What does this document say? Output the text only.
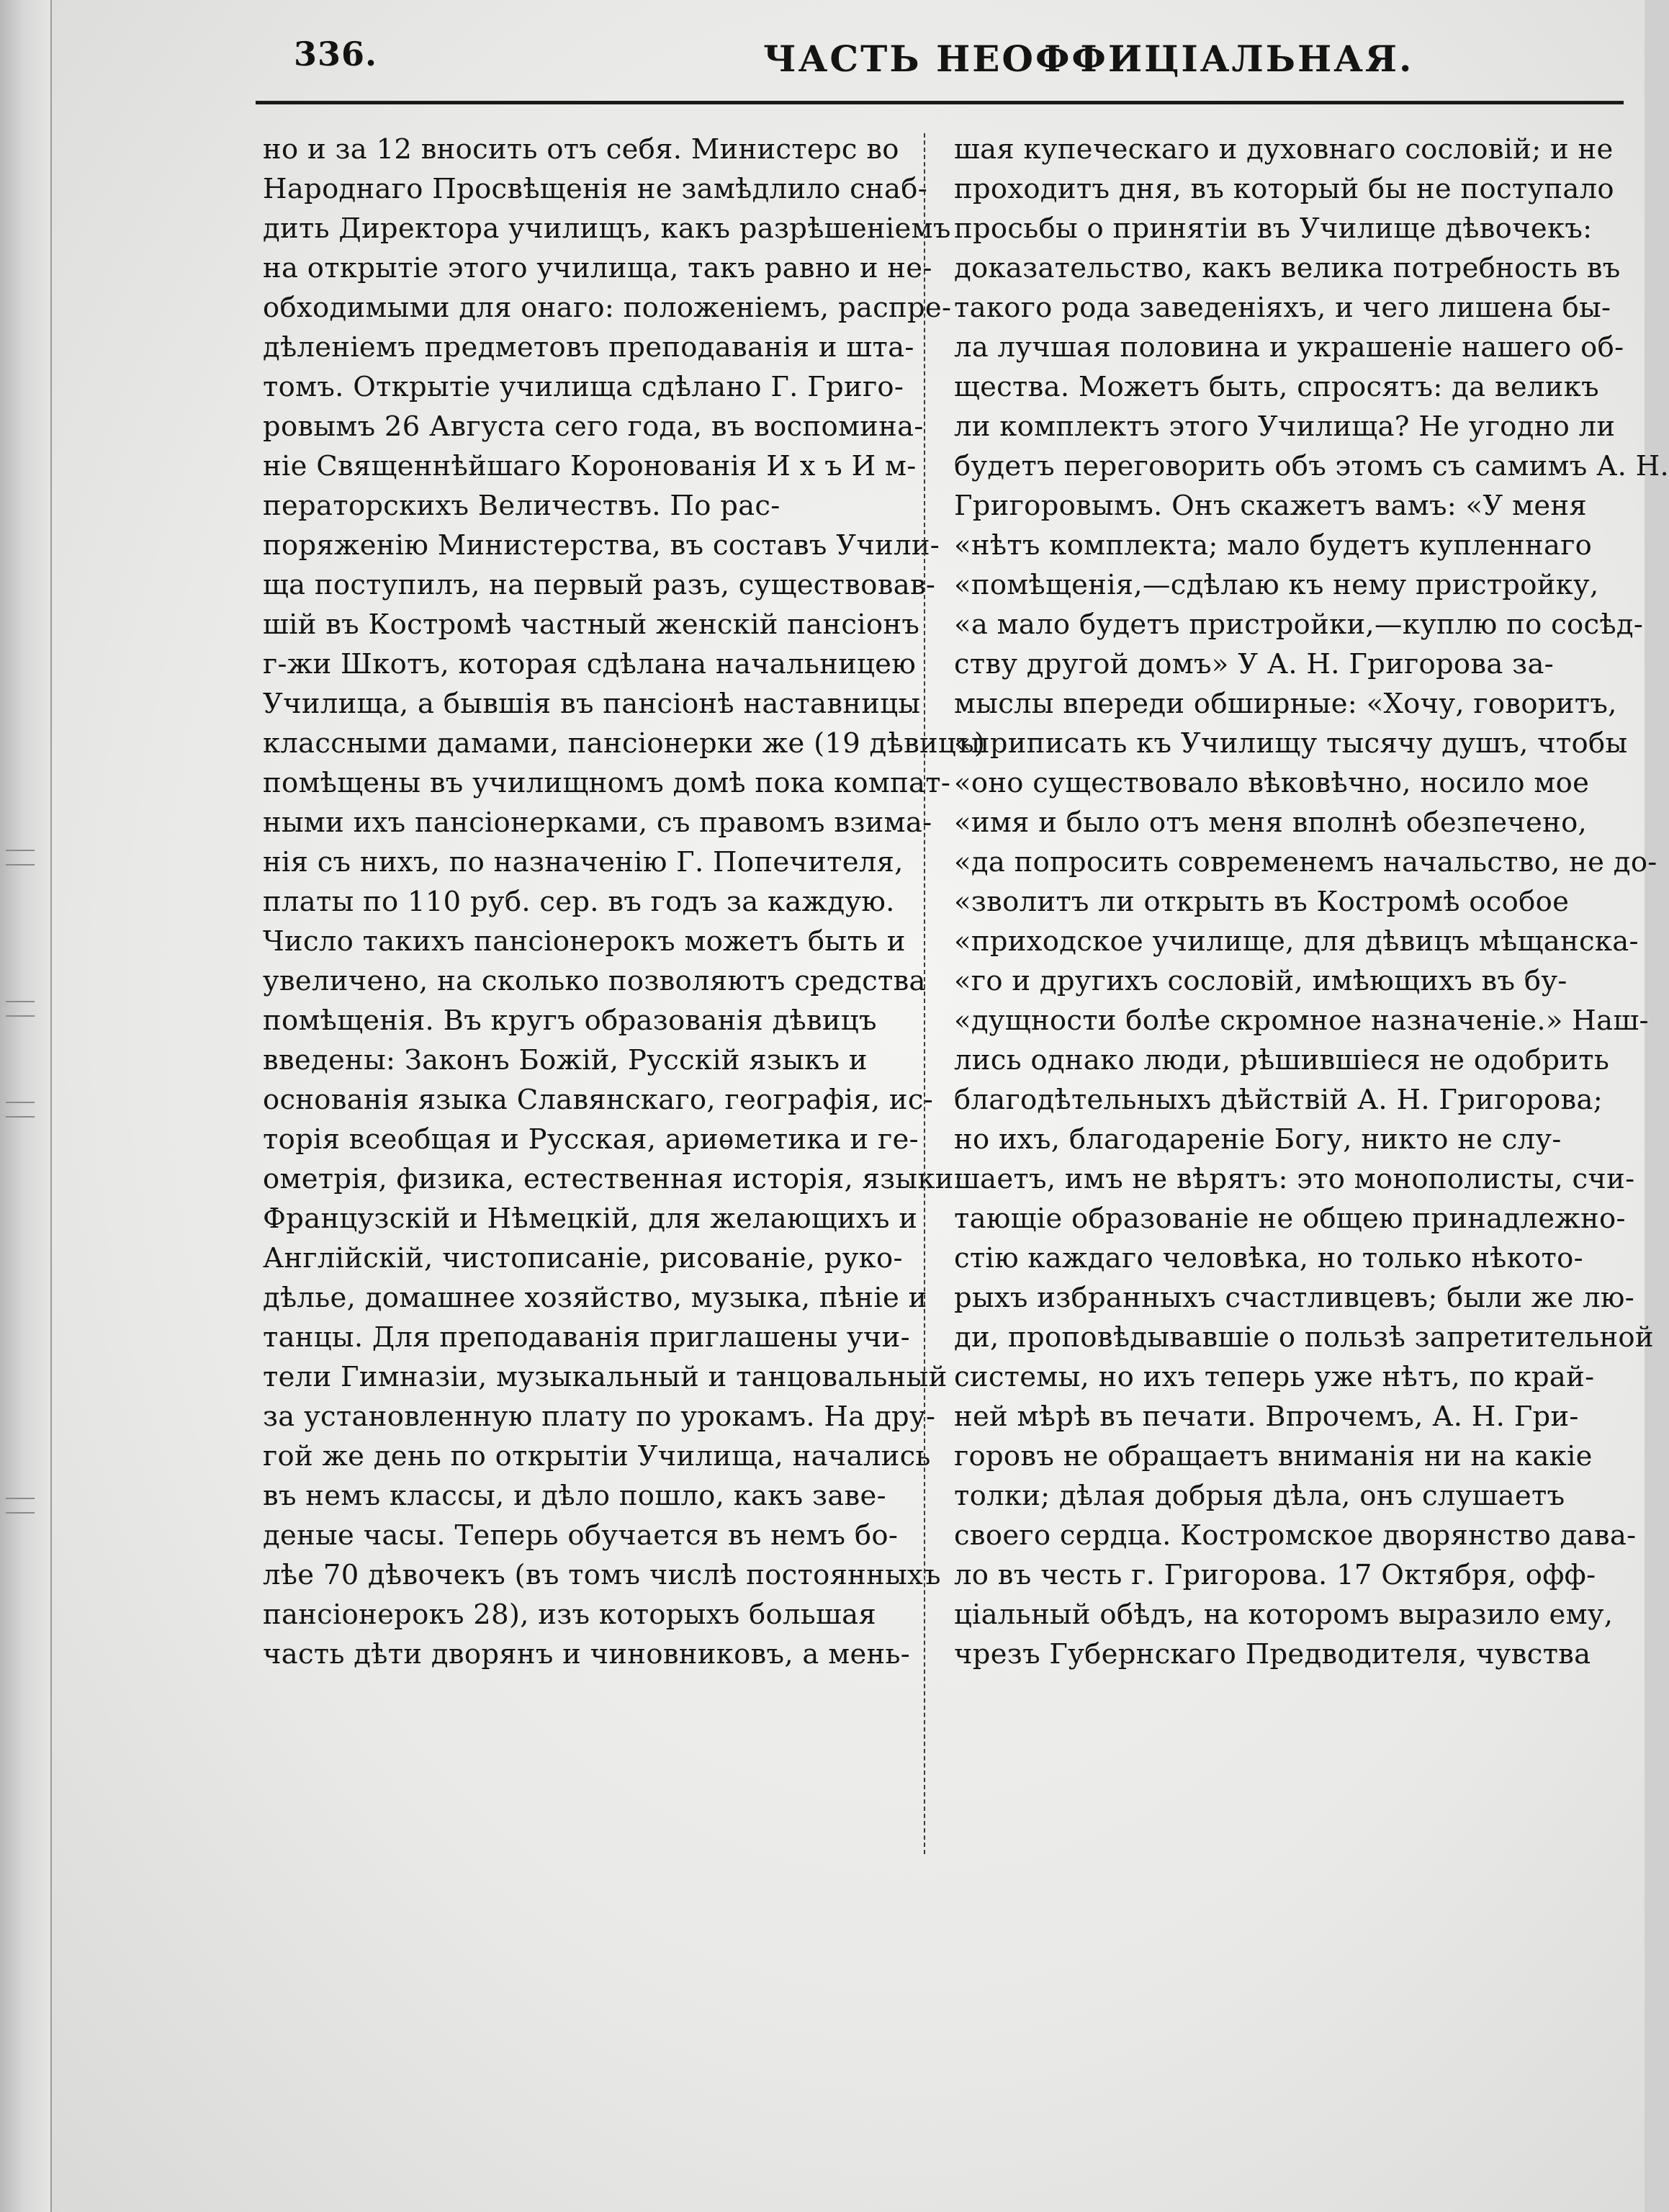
336.	ЧАСТЬ НЕОФФИЦІАЛЬНАЯ.
но и за 12 вносить отъ себя. Министерс во
Народнаго Просвѣщенія не замѣдлило снаб-
дить Директора училищъ, какъ разрѣшеніемъ
на открытіе этого училища, такъ равно и не-
обходимыми для онаго: положеніемъ, распре-
дѣленіемъ предметовъ преподаванія и шта-
томъ. Открытіе училища сдѣлано Г. Григо-
ровымъ 26 Августа сего года, въ воспомина-
ніе Священнѣйшаго Коронованія И х ъ И м-
ператорскихъ Величествъ. По рас-
поряженію Министерства, въ составъ Учили-
ща поступилъ, на первый разъ, существовав-
шій въ Костромѣ частный женскій пансіонъ
г-жи Шкотъ, которая сдѣлана начальницею
Училища, а бывшія въ пансіонѣ наставницы
классными дамами, пансіонерки же (19 дѣвицъ)
помѣщены въ училищномъ домѣ пока компат-
ными ихъ пансіонерками, съ правомъ взима-
нія съ нихъ, по назначенію Г. Попечителя,
платы по 110 руб. сер. въ годъ за каждую.
Число такихъ пансіонерокъ можетъ быть и
увеличено, на сколько позволяютъ средства
помѣщенія. Въ кругъ образованія дѣвицъ
введены: Законъ Божій, Русскій языкъ и
основанія языка Славянскаго, географія, ис-
торія всеобщая и Русская, ариѳметика и гe-
ометрія, физика, естественная исторія, языки:
Французскій и Нѣмецкій, для желающихъ и
Англійскій, чистописаніе, рисованіе, руко-
дѣлье, домашнее хозяйство, музыка, пѣніе и
танцы. Для преподаванія приглашены учи-
тели Гимназіи, музыкальный и танцовальный
за установленную плату по урокамъ. На дру-
гой же день по открытіи Училища, начались
въ немъ классы, и дѣло пошло, какъ заве-
деные часы. Теперь обучается въ немъ бо-
лѣе 70 дѣвочекъ (въ томъ числѣ постоянныхъ
пансіонерокъ 28), изъ которыхъ большая
часть дѣти дворянъ и чиновниковъ, а мень-
шая купеческаго и духовнаго сословій; и не
проходитъ дня, въ который бы не поступало
просьбы о принятіи въ Училище дѣвочекъ:
доказательство, какъ велика потребность въ
такого рода заведеніяхъ, и чего лишена бы-
ла лучшая половина и украшеніе нашего об-
щества. Можетъ быть, спросятъ: да великъ
ли комплектъ этого Училища? Не угодно ли
будетъ переговорить объ этомъ съ самимъ А. Н.
Григоровымъ. Онъ скажетъ вамъ: «У меня
«нѣтъ комплекта; мало будетъ купленнаго
«помѣщенія,—сдѣлаю къ нему пристройку,
«а мало будетъ пристройки,—куплю по сосѣд-
ству другой домъ» У А. Н. Григорова за-
мыслы впереди обширные: «Хочу, говоритъ,
«приписать къ Училищу тысячу душъ, чтобы
«оно существовало вѣковѣчно, носило мое
«имя и было отъ меня вполнѣ обезпечено,
«да попросить современемъ начальство, не до-
«зволитъ ли открыть въ Костромѣ особое
«приходское училище, для дѣвицъ мѣщанска-
«го и другихъ сословій, имѣющихъ въ бу-
«дущности болѣе скромное назначеніе.» Наш-
лись однако люди, рѣшившіеся не одобрить
благодѣтельныхъ дѣйствій А. Н. Григорова;
но ихъ, благодареніе Богу, никто не слу-
шаетъ, имъ не вѣрятъ: это монополисты, счи-
тающіе образованіе не общею принадлежно-
стію каждаго человѣка, но только нѣкото-
рыхъ избранныхъ счастливцевъ; были же лю-
ди, проповѣдывавшіе о пользѣ запретительной
системы, но ихъ теперь уже нѣтъ, по край-
ней мѣрѣ въ печати. Впрочемъ, А. Н. Гри-
горовъ не обращаетъ вниманія ни на какіе
толки; дѣлая добрыя дѣла, онъ слушаетъ
своего сердца. Костромское дворянство дава-
ло въ честь г. Григорова. 17 Октября, офф-
ціальный обѣдъ, на которомъ выразило ему,
чрезъ Губернскаго Предводителя, чувства
